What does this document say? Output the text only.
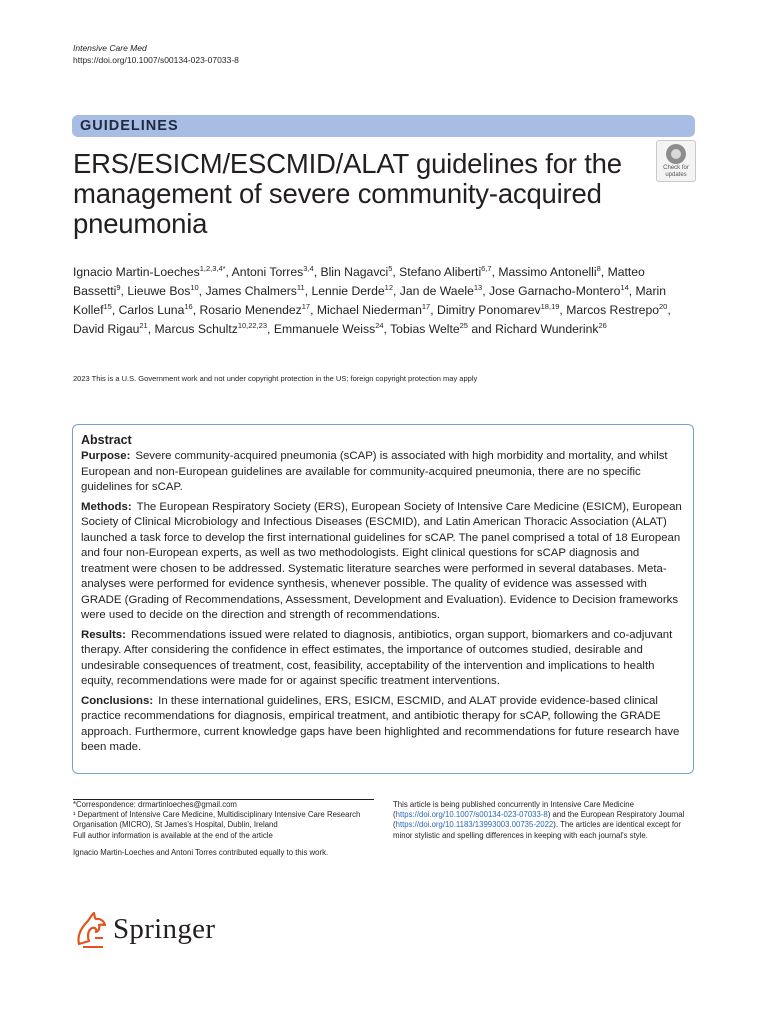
Intensive Care Med
https://doi.org/10.1007/s00134-023-07033-8
GUIDELINES
ERS/ESICM/ESCMID/ALAT guidelines for the management of severe community-acquired pneumonia
Check for
updates
Ignacio Martin-Loeches$^{1,2,3,4*}$, Antoni Torres$^{3,4}$, Blin Nagavci$^5$, Stefano Aliberti$^{6,7}$, Massimo Antonelli$^8$, Matteo Bassetti$^9$, Lieuwe Bos$^{10}$, James Chalmers$^{11}$, Lennie Derde$^{12}$, Jan de Waele$^{13}$, Jose Garnacho-Montero$^{14}$, Marin Kollef$^{15}$, Carlos Luna$^{16}$, Rosario Menendez$^{17}$, Michael Niederman$^{17}$, Dimitry Ponomarev$^{18,19}$, Marcos Restrepo$^{20}$, David Rigau$^{21}$, Marcus Schultz$^{10,22,23}$, Emmanuele Weiss$^{24}$, Tobias Welte$^{25}$ and Richard Wunderink$^{26}$
2023 This is a U.S. Government work and not under copyright protection in the US; foreign copyright protection may apply
Abstract

Purpose: Severe community-acquired pneumonia (sCAP) is associated with high morbidity and mortality, and whilst European and non-European guidelines are available for community-acquired pneumonia, there are no specific guidelines for sCAP.

Methods: The European Respiratory Society (ERS), European Society of Intensive Care Medicine (ESICM), European Society of Clinical Microbiology and Infectious Diseases (ESCMID), and Latin American Thoracic Association (ALAT) launched a task force to develop the first international guidelines for sCAP. The panel comprised a total of 18 European and four non-European experts, as well as two methodologists. Eight clinical questions for sCAP diagnosis and treatment were chosen to be addressed. Systematic literature searches were performed in several databases. Meta-analyses were performed for evidence synthesis, whenever possible. The quality of evidence was assessed with GRADE (Grading of Recommendations, Assessment, Development and Evaluation). Evidence to Decision frameworks were used to decide on the direction and strength of recommendations.

Results: Recommendations issued were related to diagnosis, antibiotics, organ support, biomarkers and co-adjuvant therapy. After considering the confidence in effect estimates, the importance of outcomes studied, desirable and undesirable consequences of treatment, cost, feasibility, acceptability of the intervention and implications to health equity, recommendations were made for or against specific treatment interventions.

Conclusions: In these international guidelines, ERS, ESICM, ESCMID, and ALAT provide evidence-based clinical practice recommendations for diagnosis, empirical treatment, and antibiotic therapy for sCAP, following the GRADE approach. Furthermore, current knowledge gaps have been highlighted and recommendations for future research have been made.

*Correspondence: drmartinloeches@gmail.com

¹ Department of Intensive Care Medicine, Multidisciplinary Intensive Care Research Organisation (MICRO), St James's Hospital, Dublin, Ireland

Full author information is available at the end of the article

Ignacio Martin-Loeches and Antoni Torres contributed equally to this work.

This article is being published concurrently in Intensive Care Medicine (https://doi.org/10.1007/s00134-023-07033-8) and the European Respiratory Journal (https://doi.org/10.1183/13993003.00735-2022). The articles are identical except for minor stylistic and spelling differences in keeping with each journal's style.
Springer
